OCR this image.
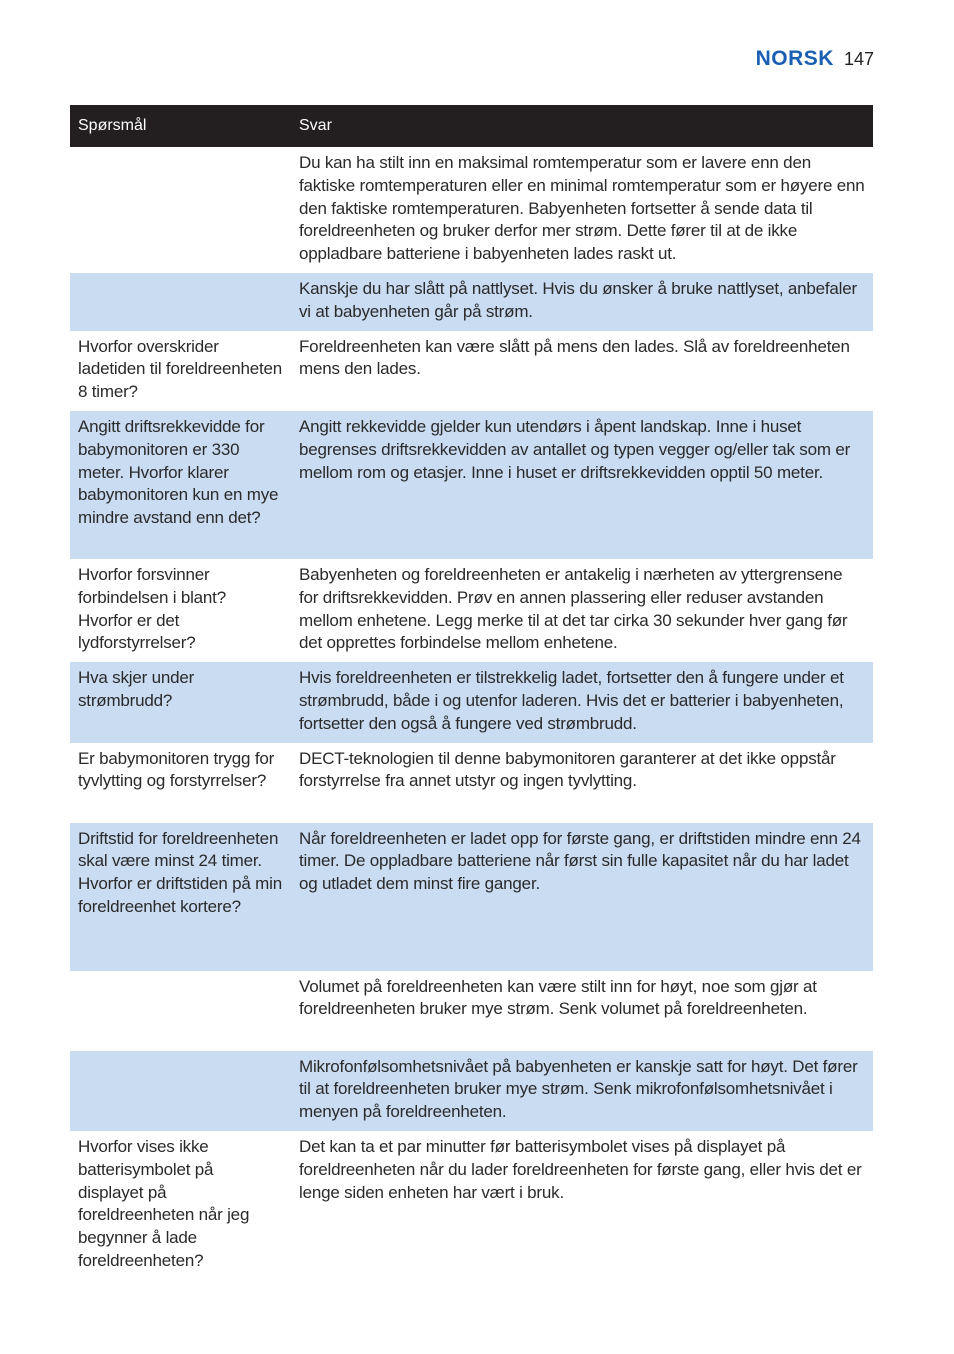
NORSK 147
Spørsmål	Svar
	Du kan ha stilt inn en maksimal romtemperatur som er lavere enn den faktiske romtemperaturen eller en minimal romtemperatur som er høyere enn den faktiske romtemperaturen. Babyenheten fortsetter å sende data til foreldreenheten og bruker derfor mer strøm. Dette fører til at de ikke oppladbare batteriene i babyenheten lades raskt ut.
	Kanskje du har slått på nattlyset. Hvis du ønsker å bruke nattlyset, anbefaler vi at babyenheten går på strøm.
Hvorfor overskrider ladetiden til foreldreenheten 8 timer?	Foreldreenheten kan være slått på mens den lades. Slå av foreldreenheten mens den lades.
Angitt driftsrekkevidde for babymonitoren er 330 meter. Hvorfor klarer babymonitoren kun en mye mindre avstand enn det?	Angitt rekkevidde gjelder kun utendørs i åpent landskap. Inne i huset begrenses driftsrekkevidden av antallet og typen vegger og/eller tak som er mellom rom og etasjer. Inne i huset er driftsrekkevidden opptil 50 meter.
Hvorfor forsvinner forbindelsen i blant? Hvorfor er det lydforstyrrelser?	Babyenheten og foreldreenheten er antakelig i nærheten av yttergrensene for driftsrekkevidden. Prøv en annen plassering eller reduser avstanden mellom enhetene. Legg merke til at det tar cirka 30 sekunder hver gang før det opprettes forbindelse mellom enhetene.
Hva skjer under strømbrudd?	Hvis foreldreenheten er tilstrekkelig ladet, fortsetter den å fungere under et strømbrudd, både i og utenfor laderen. Hvis det er batterier i babyenheten, fortsetter den også å fungere ved strømbrudd.
Er babymonitoren trygg for tyvlytting og forstyrrelser?	DECT-teknologien til denne babymonitoren garanterer at det ikke oppstår forstyrrelse fra annet utstyr og ingen tyvlytting.
Driftstid for foreldreenheten skal være minst 24 timer. Hvorfor er driftstiden på min foreldreenhet kortere?	Når foreldreenheten er ladet opp for første gang, er driftstiden mindre enn 24 timer. De oppladbare batteriene når først sin fulle kapasitet når du har ladet og utladet dem minst fire ganger.
	Volumet på foreldreenheten kan være stilt inn for høyt, noe som gjør at foreldreenheten bruker mye strøm. Senk volumet på foreldreenheten.
	Mikrofonfølsomhetsnivået på babyenheten er kanskje satt for høyt. Det fører til at foreldreenheten bruker mye strøm. Senk mikrofonfølsomhetsnivået i menyen på foreldreenheten.
Hvorfor vises ikke batterisymbolet på displayet på foreldreenheten når jeg begynner å lade foreldreenheten?	Det kan ta et par minutter før batterisymbolet vises på displayet på foreldreenheten når du lader foreldreenheten for første gang, eller hvis det er lenge siden enheten har vært i bruk.
